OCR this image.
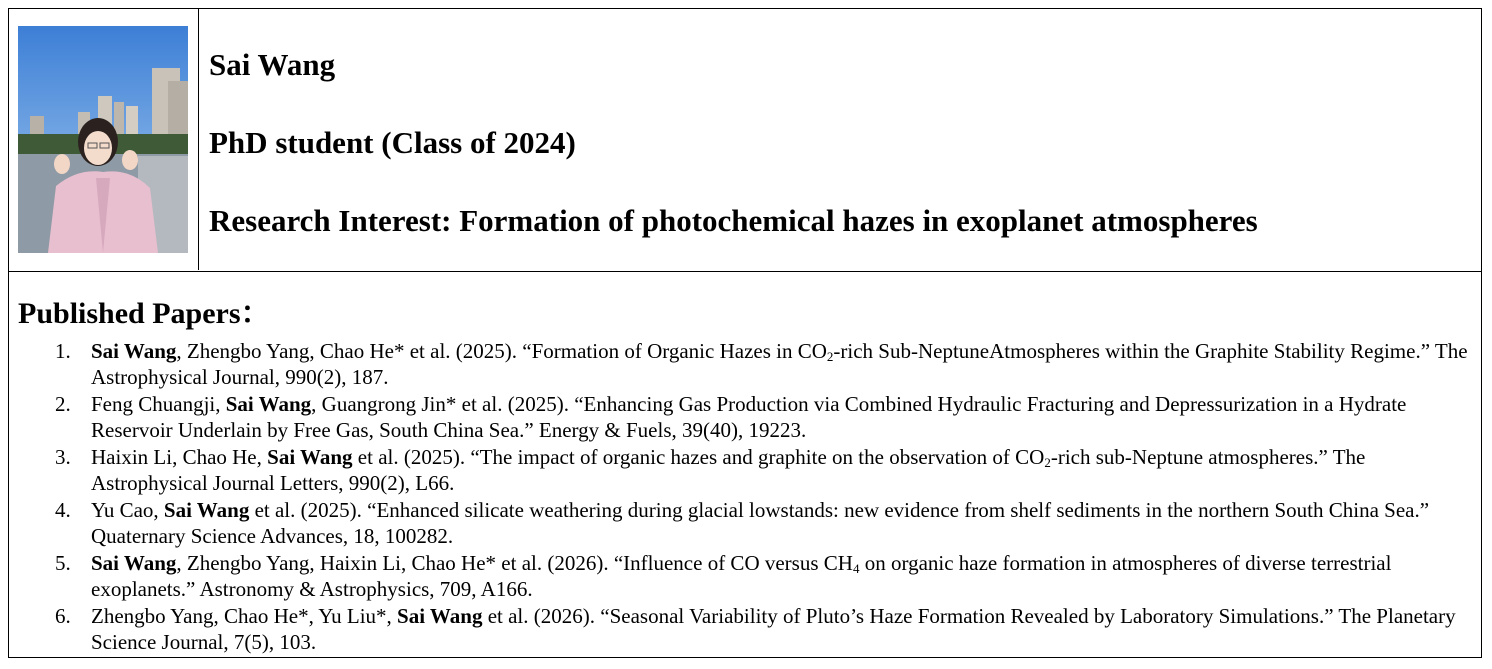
Sai Wang
PhD student (Class of 2024)
Research Interest: Formation of photochemical hazes in exoplanet atmospheres
Published Papers：
1. Sai Wang, Zhengbo Yang, Chao He* et al. (2025). “Formation of Organic Hazes in $CO_2$-rich Sub-NeptuneAtmospheres within the Graphite Stability Regime.” The Astrophysical Journal, 990(2), 187.
2. Feng Chuangji, Sai Wang, Guangrong Jin* et al. (2025). “Enhancing Gas Production via Combined Hydraulic Fracturing and Depressurization in a Hydrate Reservoir Underlain by Free Gas, South China Sea.” Energy & Fuels, 39(40), 19223.
3. Haixin Li, Chao He, Sai Wang et al. (2025). “The impact of organic hazes and graphite on the observation of $CO_2$-rich sub-Neptune atmospheres.” The Astrophysical Journal Letters, 990(2), L66.
4. Yu Cao, Sai Wang et al. (2025). “Enhanced silicate weathering during glacial lowstands: new evidence from shelf sediments in the northern South China Sea.” Quaternary Science Advances, 18, 100282.
5. Sai Wang, Zhengbo Yang, Haixin Li, Chao He* et al. (2026). “Influence of CO versus $CH_4$ on organic haze formation in atmospheres of diverse terrestrial exoplanets.” Astronomy & Astrophysics, 709, A166.
6. Zhengbo Yang, Chao He*, Yu Liu*, Sai Wang et al. (2026). “Seasonal Variability of Pluto’s Haze Formation Revealed by Laboratory Simulations.” The Planetary Science Journal, 7(5), 103.
